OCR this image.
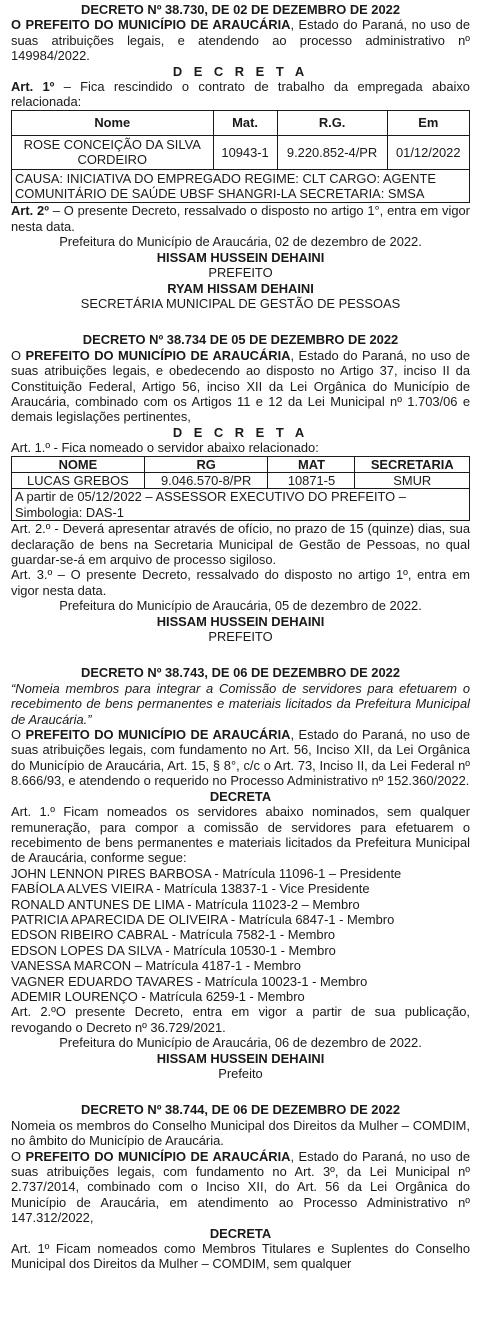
DECRETO Nº 38.730, DE 02 DE DEZEMBRO DE 2022

O PREFEITO DO MUNICÍPIO DE ARAUCÁRIA, Estado do Paraná, no uso de suas atribuições legais, e atendendo ao processo administrativo nº 149984/2022.

D E C R E T A

Art. 1º – Fica rescindido o contrato de trabalho da empregada abaixo relacionada:

Nome	Mat.	R.G.	Em
ROSE CONCEIÇÃO DA SILVA CORDEIRO	10943-1	9.220.852-4/PR	01/12/2022
CAUSA: INICIATIVA DO EMPREGADO REGIME: CLT CARGO: AGENTE COMUNITÁRIO DE SAÚDE UBSF SHANGRI-LA SECRETARIA: SMSA			

Art. 2º – O presente Decreto, ressalvado o disposto no artigo 1°, entra em vigor nesta data.

Prefeitura do Município de Araucária, 02 de dezembro de 2022.

HISSAM HUSSEIN DEHAINI

PREFEITO

RYAM HISSAM DEHAINI

SECRETÁRIA MUNICIPAL DE GESTÃO DE PESSOAS

DECRETO Nº 38.734 DE 05 DE DEZEMBRO DE 2022

O PREFEITO DO MUNICÍPIO DE ARAUCÁRIA, Estado do Paraná, no uso de suas atribuições legais, e obedecendo ao disposto no Artigo 37, inciso II da Constituição Federal, Artigo 56, inciso XII da Lei Orgânica do Município de Araucária, combinado com os Artigos 11 e 12 da Lei Municipal nº 1.703/06 e demais legislações pertinentes,

D E C R E T A

Art. 1.º - Fica nomeado o servidor abaixo relacionado:

NOME	RG	MAT	SECRETARIA
LUCAS GREBOS	9.046.570-8/PR	10871-5	SMUR

A partir de 05/12/2022 – ASSESSOR EXECUTIVO DO PREFEITO – Simbologia: DAS-1

Art. 2.º - Deverá apresentar através de ofício, no prazo de 15 (quinze) dias, sua declaração de bens na Secretaria Municipal de Gestão de Pessoas, no qual guardar-se-á em arquivo de processo sigiloso.

Art. 3.º – O presente Decreto, ressalvado do disposto no artigo 1º, entra em vigor nesta data.

Prefeitura do Município de Araucária, 05 de dezembro de 2022.

HISSAM HUSSEIN DEHAINI

PREFEITO

DECRETO Nº 38.743, DE 06 DE DEZEMBRO DE 2022

“Nomeia membros para integrar a Comissão de servidores para efetuarem o recebimento de bens permanentes e materiais licitados da Prefeitura Municipal de Araucária.”

O PREFEITO DO MUNICÍPIO DE ARAUCÁRIA, Estado do Paraná, no uso de suas atribuições legais, com fundamento no Art. 56, Inciso XII, da Lei Orgânica do Município de Araucária, Art. 15, § 8°, c/c o Art. 73, Inciso II, da Lei Federal nº 8.666/93, e atendendo o requerido no Processo Administrativo nº 152.360/2022.

DECRETA

Art. 1.º Ficam nomeados os servidores abaixo nominados, sem qualquer remuneração, para compor a comissão de servidores para efetuarem o recebimento de bens permanentes e materiais licitados da Prefeitura Municipal de Araucária, conforme segue:

JOHN LENNON PIRES BARBOSA - Matrícula 11096-1 – Presidente

FABÍOLA ALVES VIEIRA - Matrícula 13837-1 - Vice Presidente

RONALD ANTUNES DE LIMA - Matrícula 11023-2 – Membro

PATRICIA APARECIDA DE OLIVEIRA - Matrícula 6847-1 - Membro

EDSON RIBEIRO CABRAL - Matrícula 7582-1 - Membro

EDSON LOPES DA SILVA - Matrícula 10530-1 - Membro

VANESSA MARCON – Matrícula 4187-1 - Membro

VAGNER EDUARDO TAVARES - Matrícula 10023-1 - Membro

ADEMIR LOURENÇO - Matrícula 6259-1 - Membro

Art. 2.ºO presente Decreto, entra em vigor a partir de sua publicação, revogando o Decreto nº 36.729/2021.

Prefeitura do Município de Araucária, 06 de dezembro de 2022.

HISSAM HUSSEIN DEHAINI

Prefeito

DECRETO Nº 38.744, DE 06 DE DEZEMBRO DE 2022

Nomeia os membros do Conselho Municipal dos Direitos da Mulher – COMDIM, no âmbito do Município de Araucária.

O PREFEITO DO MUNICÍPIO DE ARAUCÁRIA, Estado do Paraná, no uso de suas atribuições legais, com fundamento no Art. 3º, da Lei Municipal nº 2.737/2014, combinado com o Inciso XII, do Art. 56 da Lei Orgânica do Município de Araucária, em atendimento ao Processo Administrativo nº 147.312/2022,

DECRETA

Art. 1º Ficam nomeados como Membros Titulares e Suplentes do Conselho Municipal dos Direitos da Mulher – COMDIM, sem qualquer
